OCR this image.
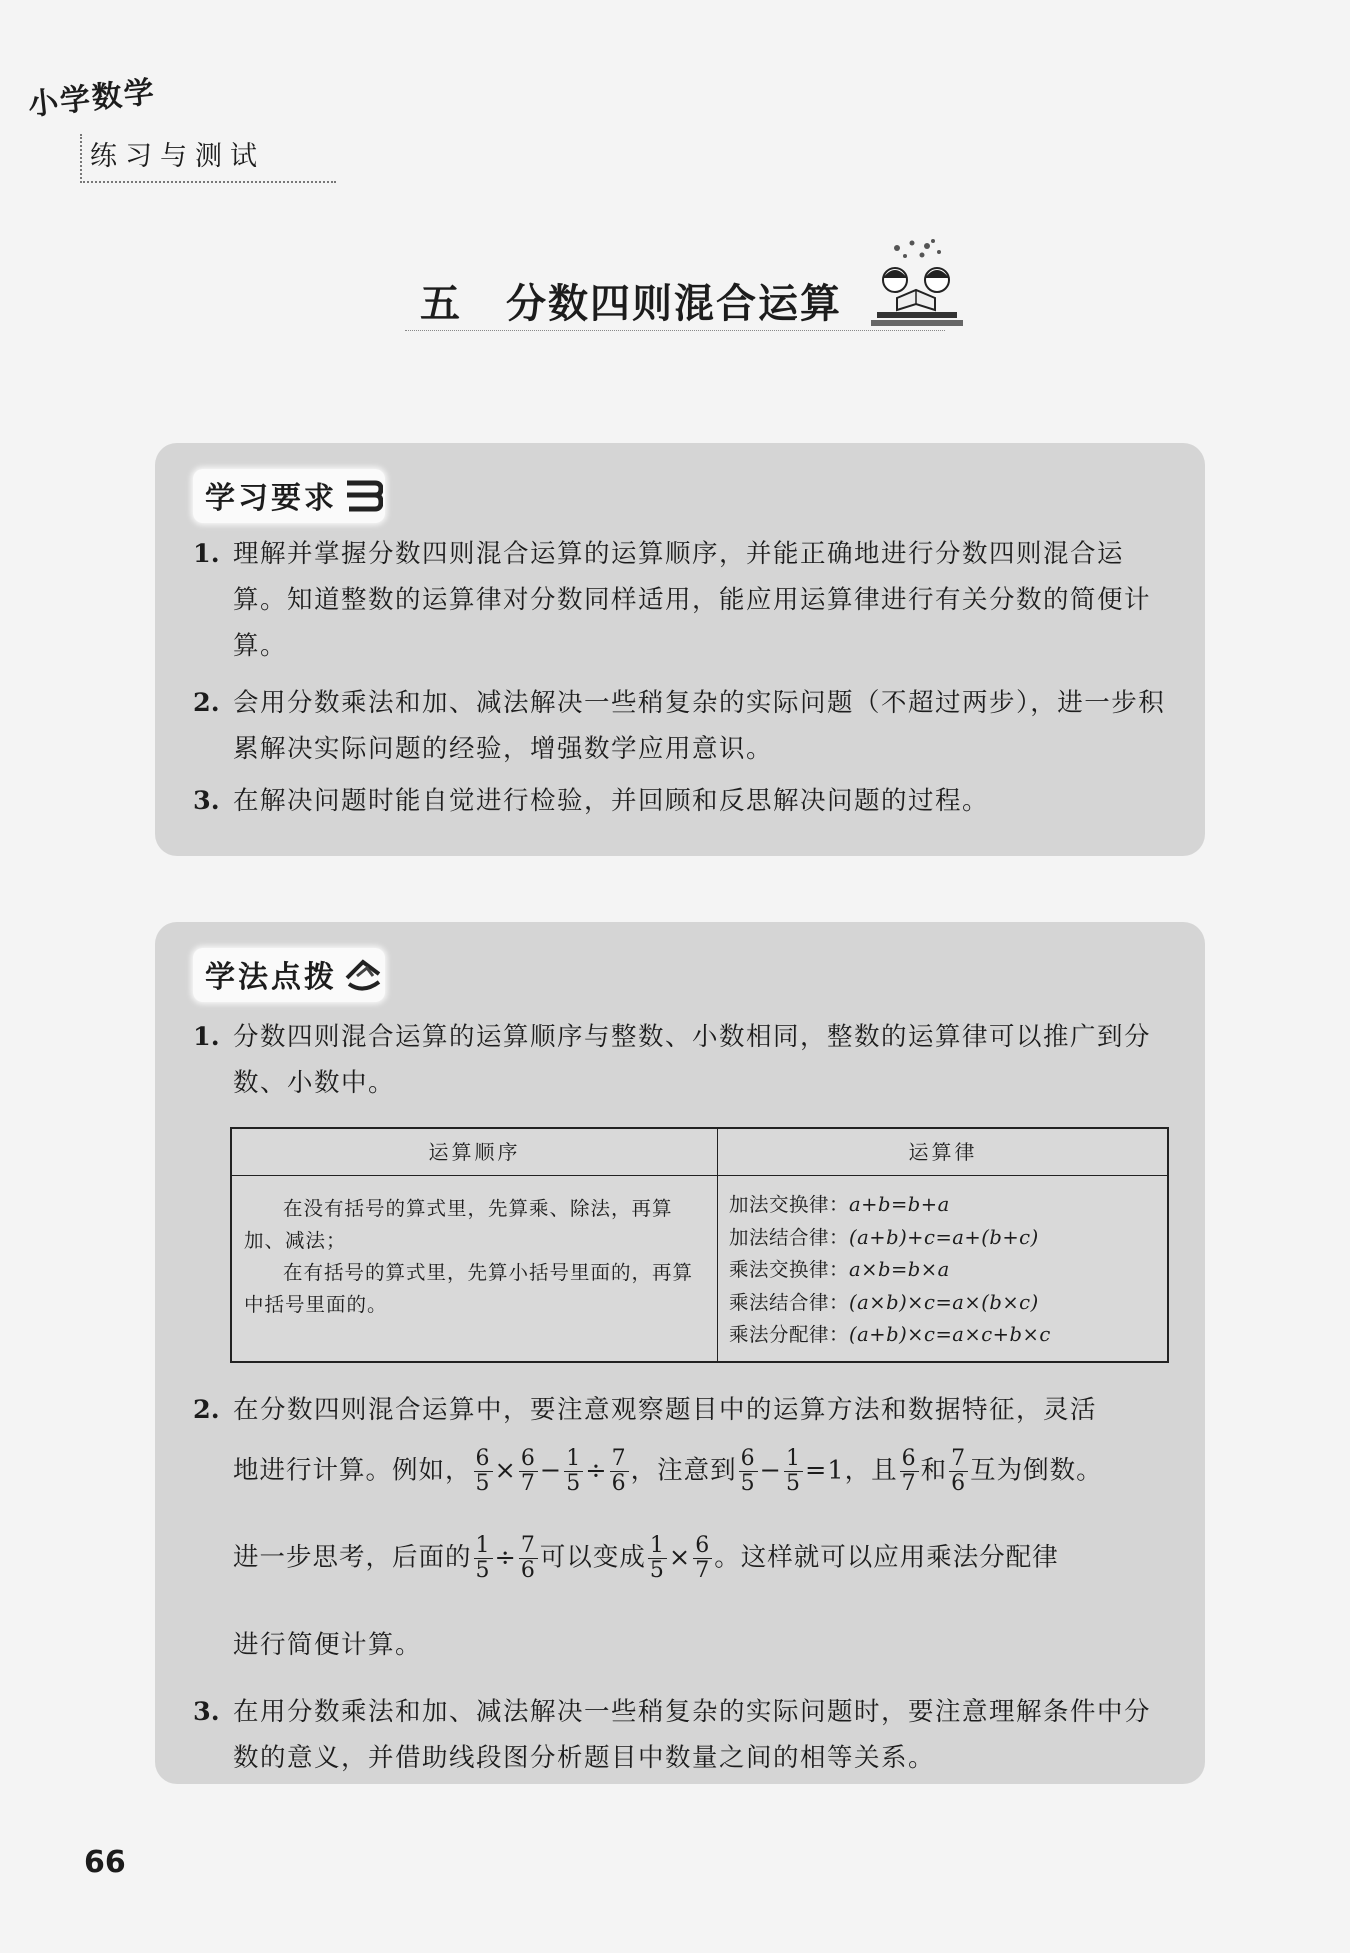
小学数学
练习与测试
五 分数四则混合运算
学习要求
1. 理解并掌握分数四则混合运算的运算顺序，并能正确地进行分数四则混合运算。知道整数的运算律对分数同样适用，能应用运算律进行有关分数的简便计算。
2. 会用分数乘法和加、减法解决一些稍复杂的实际问题（不超过两步），进一步积累解决实际问题的经验，增强数学应用意识。
3. 在解决问题时能自觉进行检验，并回顾和反思解决问题的过程。
学法点拨
1. 分数四则混合运算的运算顺序与整数、小数相同，整数的运算律可以推广到分数、小数中。
运算顺序	运算律

在没有括号的算式里，先算乘、除法，再算加、减法；

在有括号的算式里，先算小括号里面的，再算中括号里面的。

加法交换律：a+b=b+a
加法结合律：(a+b)+c=a+(b+c)
乘法交换律：a×b=b×a
乘法结合律：(a×b)×c=a×(b×c)
乘法分配律：(a+b)×c=a×c+b×c
2. 在分数四则混合运算中，要注意观察题目中的运算方法和数据特征，灵活
地进行计算。例如， $\frac{6}{5} \times \frac{6}{7} - \frac{1}{5} \div \frac{7}{6}$ ，注意到 $\frac{6}{5} - \frac{1}{5} =1$，且 $\frac{6}{7}$ 和 $\frac{7}{6}$ 互为倒数。
进一步思考，后面的 $\frac{1}{5} \div \frac{7}{6}$ 可以变成 $\frac{1}{5} \times \frac{6}{7}$ 。这样就可以应用乘法分配律
进行简便计算。
3. 在用分数乘法和加、减法解决一些稍复杂的实际问题时，要注意理解条件中分数的意义，并借助线段图分析题目中数量之间的相等关系。
66
